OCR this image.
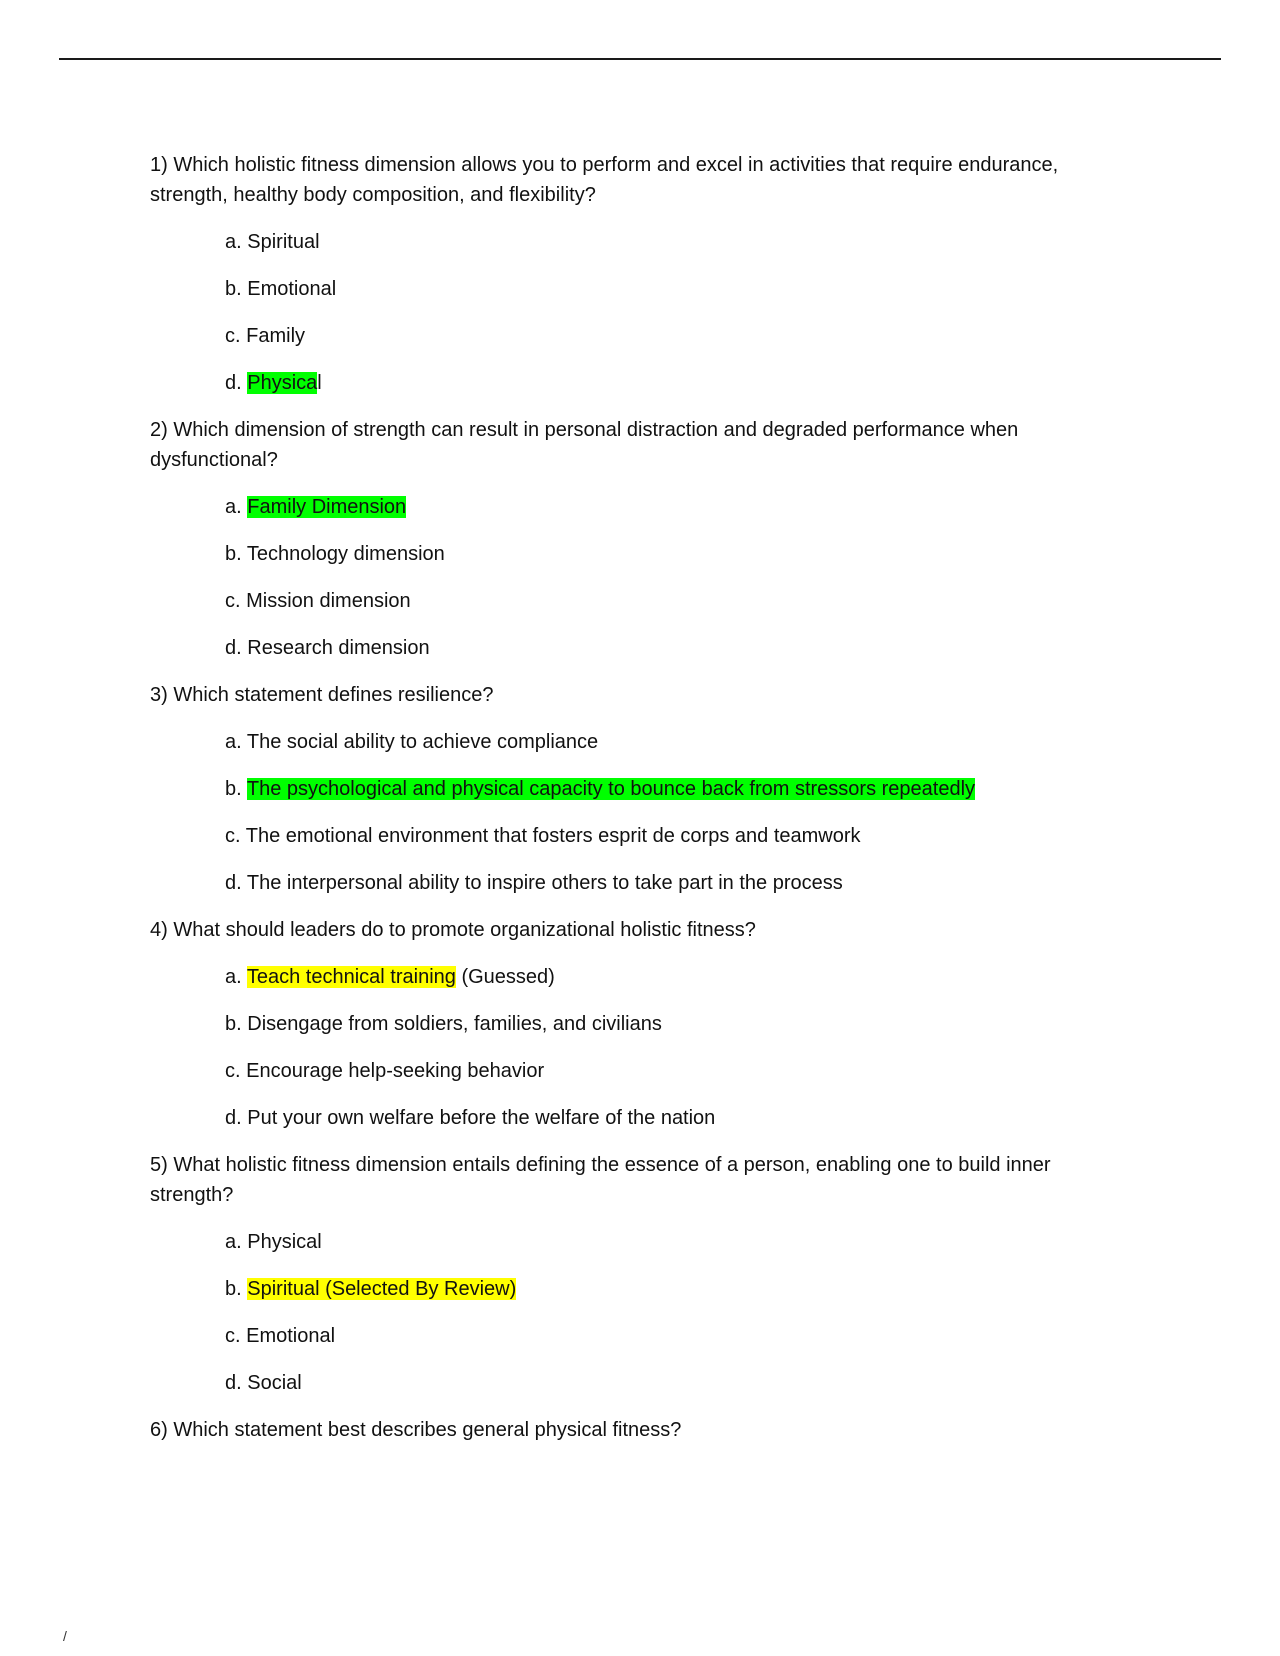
1) Which holistic fitness dimension allows you to perform and excel in activities that require endurance, strength, healthy body composition, and flexibility?
a. Spiritual
b. Emotional
c. Family
d. Physical
2) Which dimension of strength can result in personal distraction and degraded performance when dysfunctional?
a. Family Dimension
b. Technology dimension
c. Mission dimension
d. Research dimension
3) Which statement defines resilience?
a. The social ability to achieve compliance
b. The psychological and physical capacity to bounce back from stressors repeatedly
c. The emotional environment that fosters esprit de corps and teamwork
d. The interpersonal ability to inspire others to take part in the process
4) What should leaders do to promote organizational holistic fitness?
a. Teach technical training (Guessed)
b. Disengage from soldiers, families, and civilians
c. Encourage help-seeking behavior
d. Put your own welfare before the welfare of the nation
5) What holistic fitness dimension entails defining the essence of a person, enabling one to build inner strength?
a. Physical
b. Spiritual (Selected By Review)
c. Emotional
d. Social
6) Which statement best describes general physical fitness?
/
